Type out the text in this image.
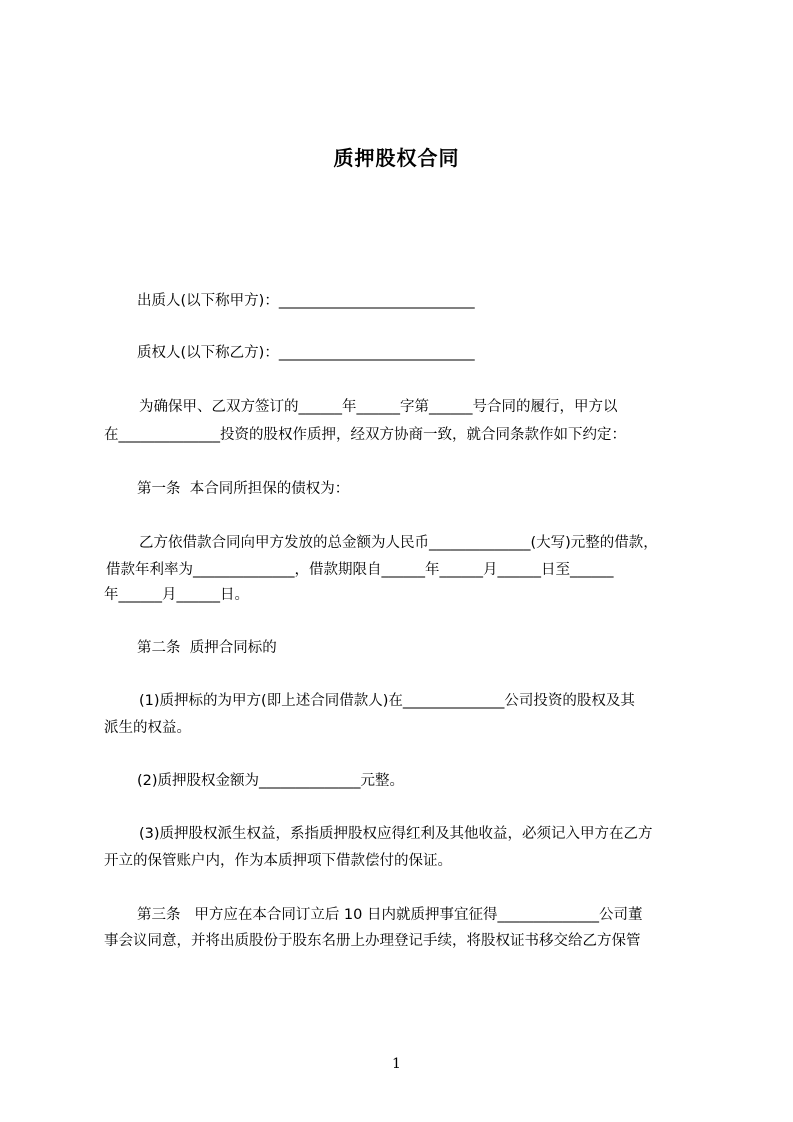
质押股权合同
出质人(以下称甲方)：___________________________
质权人(以下称乙方)：___________________________
为确保甲、乙双方签订的______年______字第______号合同的履行，甲方以
在______________投资的股权作质押，经双方协商一致，就合同条款作如下约定：
第一条  本合同所担保的债权为：
乙方依借款合同向甲方发放的总金额为人民币______________(大写)元整的借款，
借款年利率为______________，借款期限自______年______月______日至______
年______月______日。
第二条  质押合同标的
(1)质押标的为甲方(即上述合同借款人)在______________公司投资的股权及其
派生的权益。
(2)质押股权金额为______________元整。
(3)质押股权派生权益，系指质押股权应得红利及其他收益，必须记入甲方在乙方
开立的保管账户内，作为本质押项下借款偿付的保证。
第三条   甲方应在本合同订立后 10 日内就质押事宜征得______________公司董
事会议同意，并将出质股份于股东名册上办理登记手续，将股权证书移交给乙方保管
1
